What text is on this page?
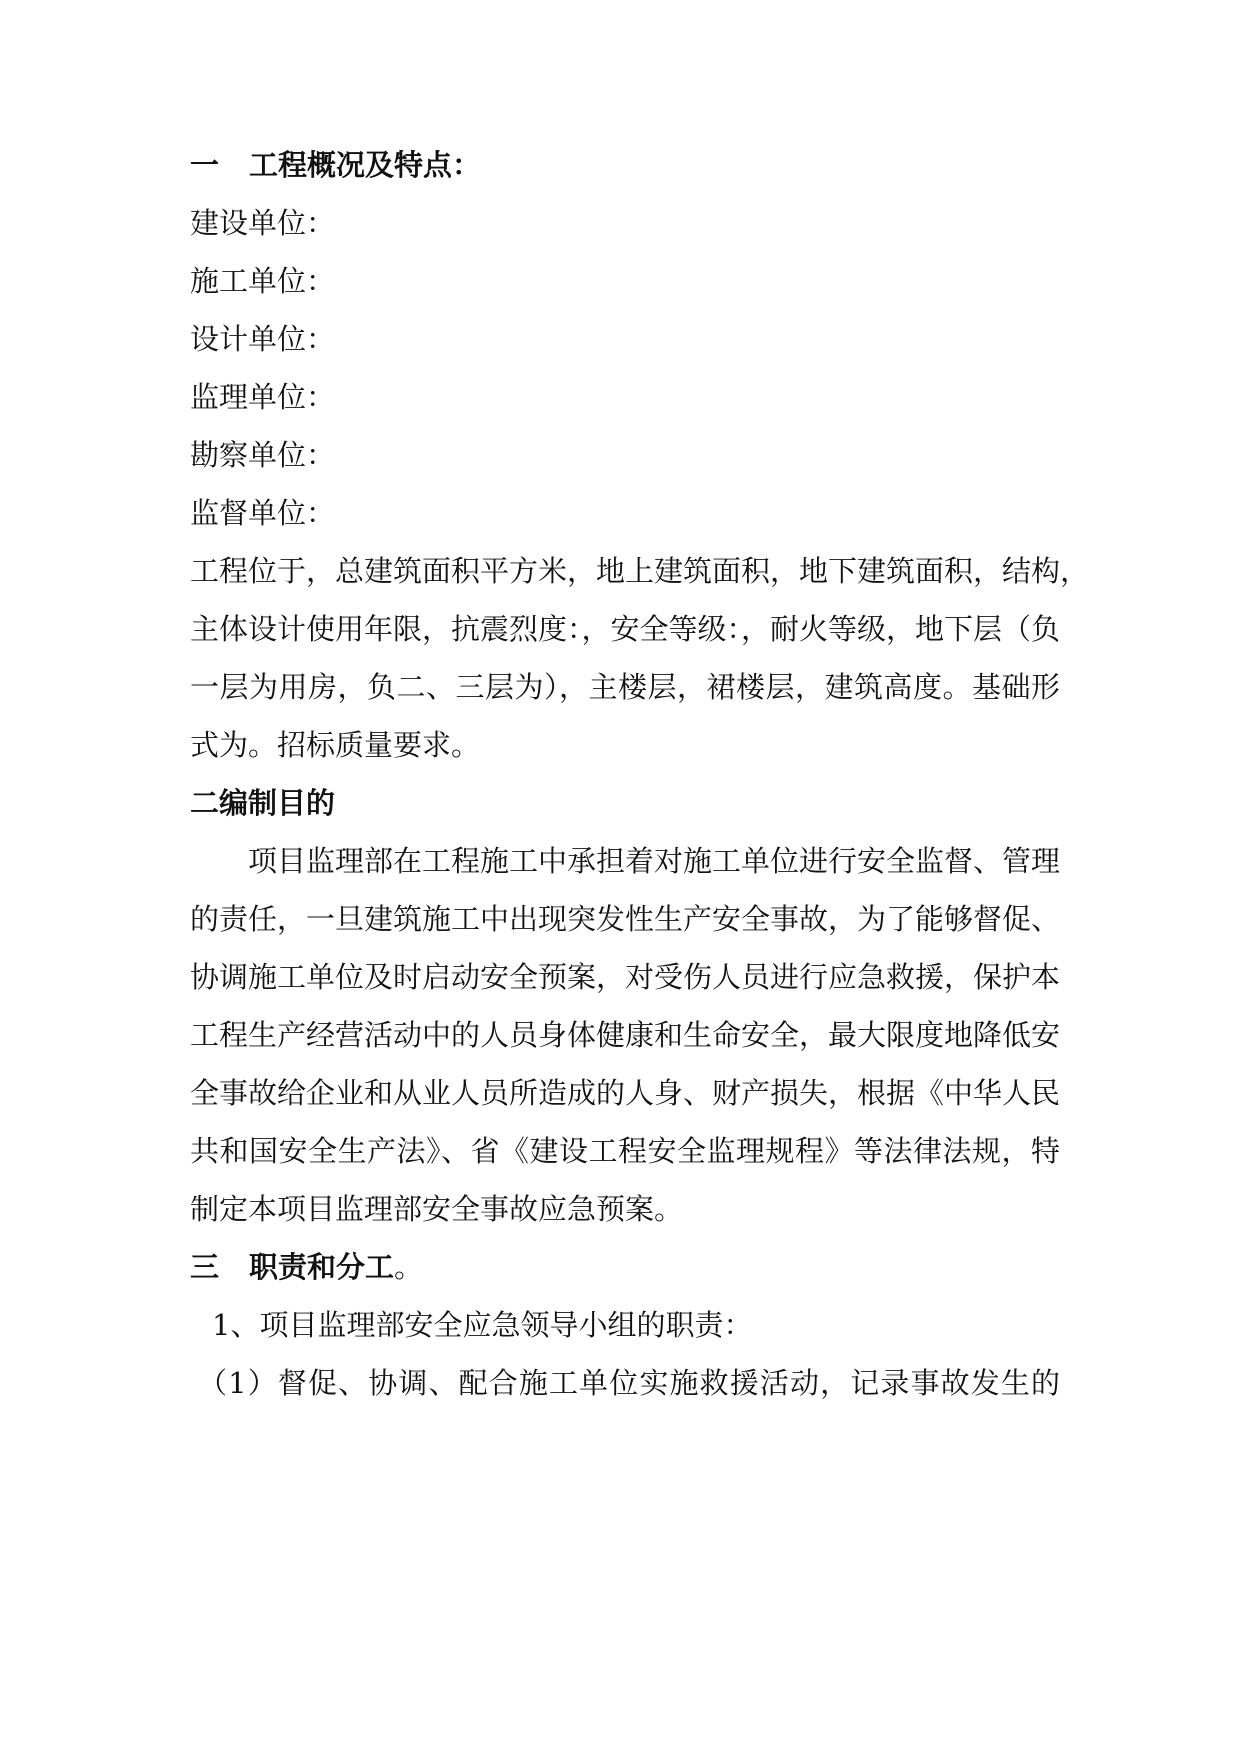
一 工程概况及特点：
建设单位：
施工单位：
设计单位：
监理单位：
勘察单位：
监督单位：
工程位于，总建筑面积平方米，地上建筑面积，地下建筑面积，结构，
主体设计使用年限，抗震烈度：，安全等级：，耐火等级，地下层（负
一层为用房，负二、三层为），主楼层，裙楼层，建筑高度。基础形
式为。招标质量要求。
二编制目的
项目监理部在工程施工中承担着对施工单位进行安全监督、管理
的责任，一旦建筑施工中出现突发性生产安全事故，为了能够督促、
协调施工单位及时启动安全预案，对受伤人员进行应急救援，保护本
工程生产经营活动中的人员身体健康和生命安全，最大限度地降低安
全事故给企业和从业人员所造成的人身、财产损失，根据《中华人民
共和国安全生产法》、省《建设工程安全监理规程》等法律法规，特
制定本项目监理部安全事故应急预案。
三 职责和分工。
1、项目监理部安全应急领导小组的职责：
（1）督促、协调、配合施工单位实施救援活动，记录事故发生的
